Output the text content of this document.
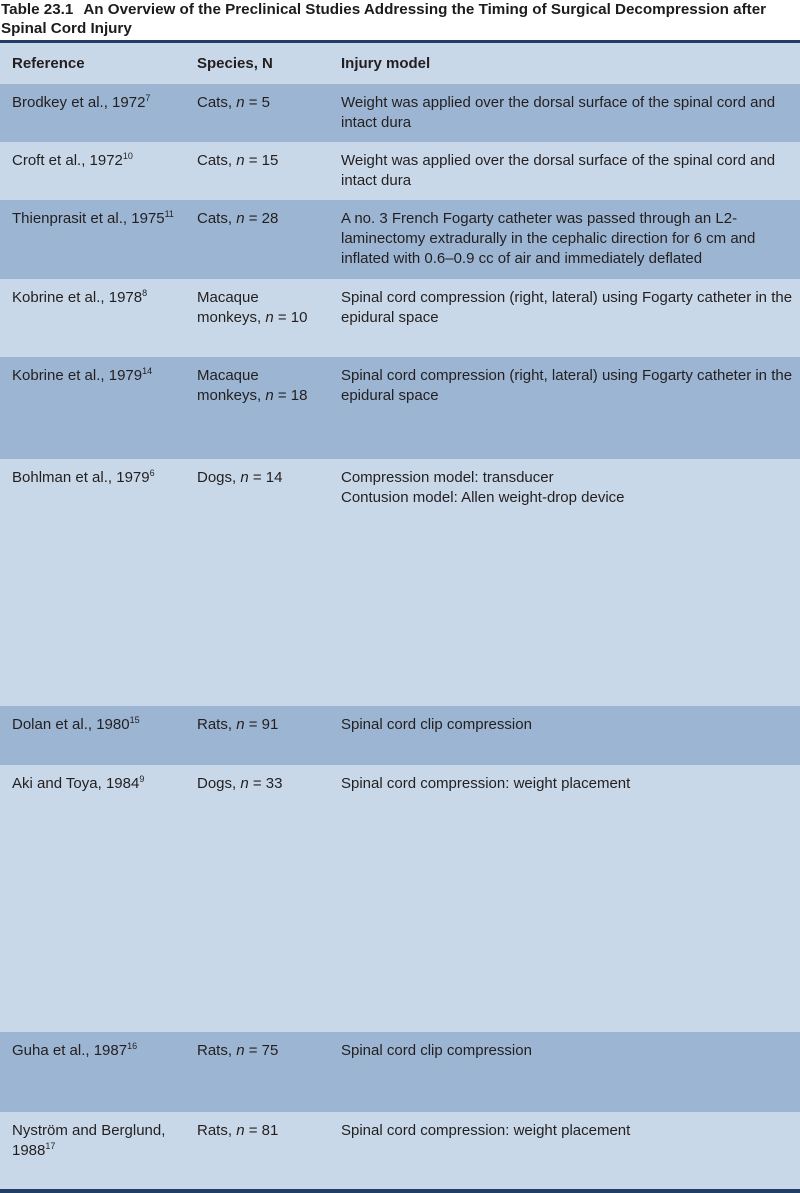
Table 23.1 An Overview of the Preclinical Studies Addressing the Timing of Surgical Decompression after Spinal Cord Injury
Reference	Species, N	Injury model
Brodkey et al., 1972$^7$	Cats, n = 5	Weight was applied over the dorsal surface of the spinal cord and intact dura
Croft et al., 1972$^{10}$	Cats, n = 15	Weight was applied over the dorsal surface of the spinal cord and intact dura
Thienprasit et al., 1975$^{11}$	Cats, n = 28	A no. 3 French Fogarty catheter was passed through an L2-laminectomy extradurally in the cephalic direction for 6 cm and inflated with 0.6–0.9 cc of air and immediately deflated
Kobrine et al., 1978$^8$	Macaque monkeys, n = 10	Spinal cord compression (right, lateral) using Fogarty catheter in the epidural space
Kobrine et al., 1979$^{14}$	Macaque monkeys, n = 18	Spinal cord compression (right, lateral) using Fogarty catheter in the epidural space
Bohlman et al., 1979$^6$	Dogs, n = 14	Compression model: transducer
Contusion model: Allen weight-drop device
Dolan et al., 1980$^{15}$	Rats, n = 91	Spinal cord clip compression
Aki and Toya, 1984$^9$	Dogs, n = 33	Spinal cord compression: weight placement
Guha et al., 1987$^{16}$	Rats, n = 75	Spinal cord clip compression
Nyström and Berglund, 1988$^{17}$	Rats, n = 81	Spinal cord compression: weight placement
